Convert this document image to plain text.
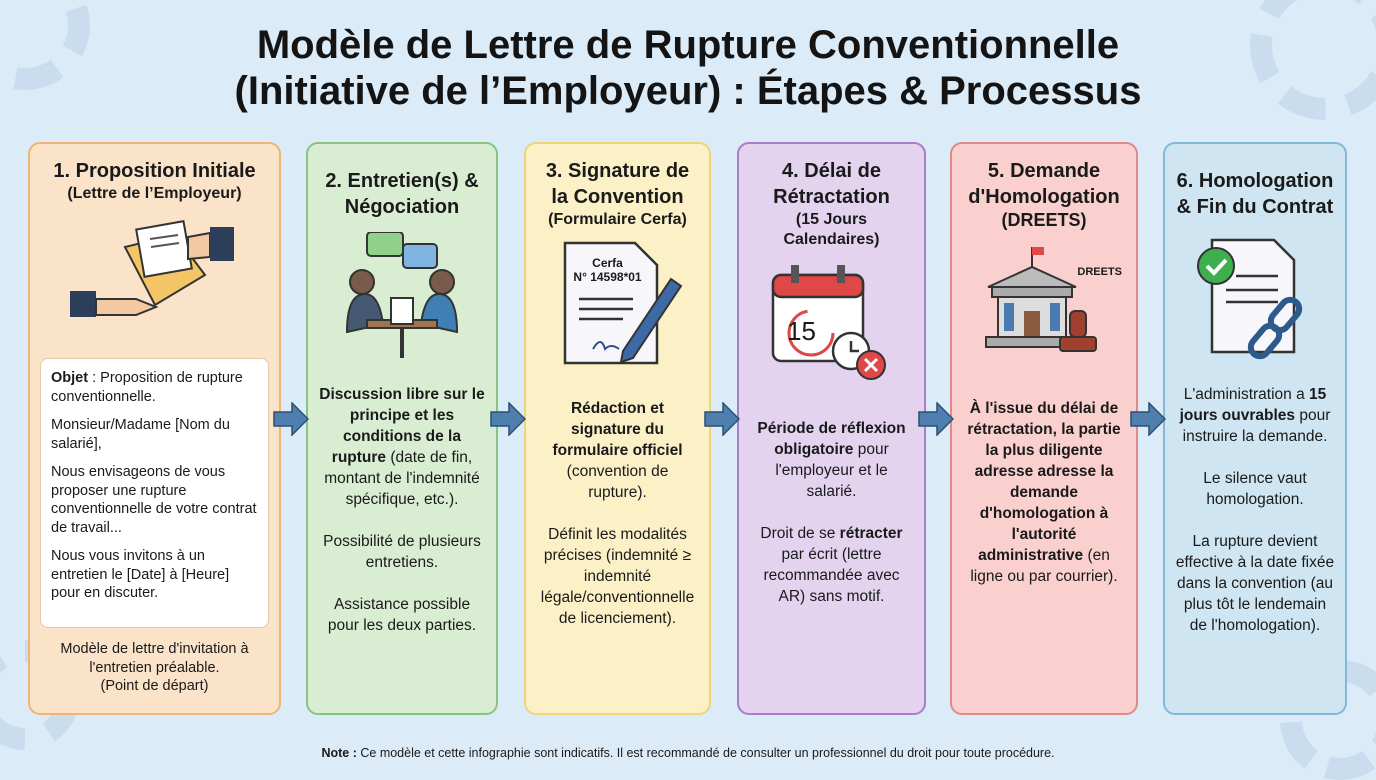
Modèle de Lettre de Rupture Conventionnelle
(Initiative de l’Employeur) : Étapes & Processus
1. Proposition Initiale
(Lettre de l’Employeur)

Objet : Proposition de rupture conventionnelle.

Monsieur/Madame [Nom du salarié],

Nous envisageons de vous proposer une rupture conventionnelle de votre contrat de travail...

Nous vous invitons à un entretien le [Date] à [Heure] pour en discuter.

Modèle de lettre d'invitation à l'entretien préalable.
(Point de départ)
2. Entretien(s) & Négociation

Discussion libre sur le principe et les conditions de la rupture (date de fin, montant de l'indemnité spécifique, etc.).

Possibilité de plusieurs entretiens.

Assistance possible pour les deux parties.

3. Signature de la Convention
(Formulaire Cerfa)
Cerfa
N° 14598*01

Rédaction et signature du formulaire officiel (convention de rupture).

Définit les modalités précises (indemnité ≥ indemnité légale/conventionnelle de licenciement).

4. Délai de Rétractation
(15 Jours Calendaires)
15

Période de réflexion obligatoire pour l'employeur et le salarié.

Droit de se rétracter par écrit (lettre recommandée avec AR) sans motif.

5. Demande d'Homologation
(DREETS)
DREETS

À l'issue du délai de rétractation, la partie la plus diligente adresse adresse la demande d'homologation à l'autorité administrative (en ligne ou par courrier).

6. Homologation & Fin du Contrat

L'administration a 15 jours ouvrables pour instruire la demande.

Le silence vaut homologation.

La rupture devient effective à la date fixée dans la convention (au plus tôt le lendemain de l'homologation).

Note : Ce modèle et cette infographie sont indicatifs. Il est recommandé de consulter un professionnel du droit pour toute procédure.
